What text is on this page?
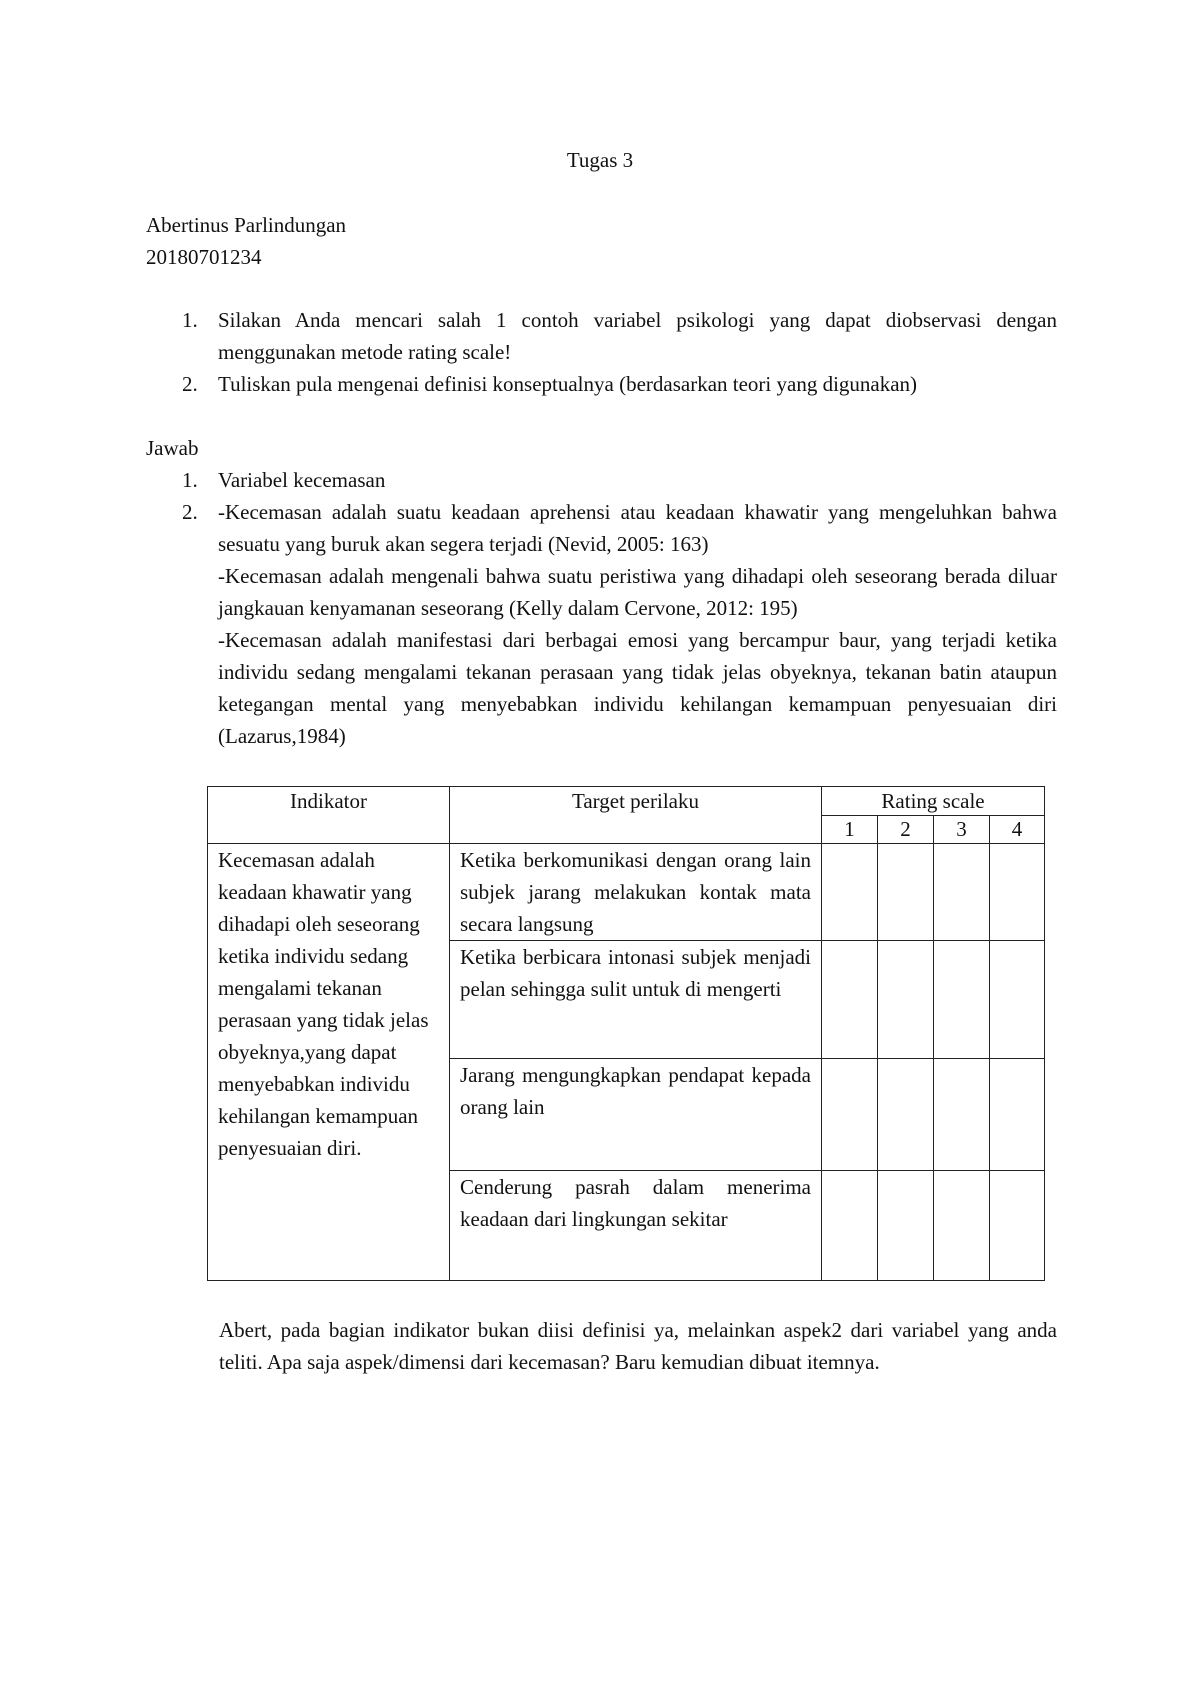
Tugas 3
Abertinus Parlindungan
20180701234
1. Silakan Anda mencari salah 1 contoh variabel psikologi yang dapat diobservasi dengan menggunakan metode rating scale!
2. Tuliskan pula mengenai definisi konseptualnya (berdasarkan teori yang digunakan)
Jawab
1. Variabel kecemasan
2. -Kecemasan adalah suatu keadaan aprehensi atau keadaan khawatir yang mengeluhkan bahwa sesuatu yang buruk akan segera terjadi (Nevid, 2005: 163)
-Kecemasan adalah mengenali bahwa suatu peristiwa yang dihadapi oleh seseorang berada diluar jangkauan kenyamanan seseorang (Kelly dalam Cervone, 2012: 195)
-Kecemasan adalah manifestasi dari berbagai emosi yang bercampur baur, yang terjadi ketika individu sedang mengalami tekanan perasaan yang tidak jelas obyeknya, tekanan batin ataupun ketegangan mental yang menyebabkan individu kehilangan kemampuan penyesuaian diri (Lazarus,1984)
Indikator	Target perilaku	Rating scale			
		1	2	3	4
Kecemasan adalah keadaan khawatir yang dihadapi oleh seseorang ketika individu sedang mengalami tekanan perasaan yang tidak jelas obyeknya,yang dapat menyebabkan individu kehilangan kemampuan penyesuaian diri.	Ketika berkomunikasi dengan orang lain subjek jarang melakukan kontak mata secara langsung				
	Ketika berbicara intonasi subjek menjadi pelan sehingga sulit untuk di mengerti				
	Jarang mengungkapkan pendapat kepada orang lain				
	Cenderung pasrah dalam menerima keadaan dari lingkungan sekitar				
Abert, pada bagian indikator bukan diisi definisi ya, melainkan aspek2 dari variabel yang anda teliti. Apa saja aspek/dimensi dari kecemasan? Baru kemudian dibuat itemnya.
